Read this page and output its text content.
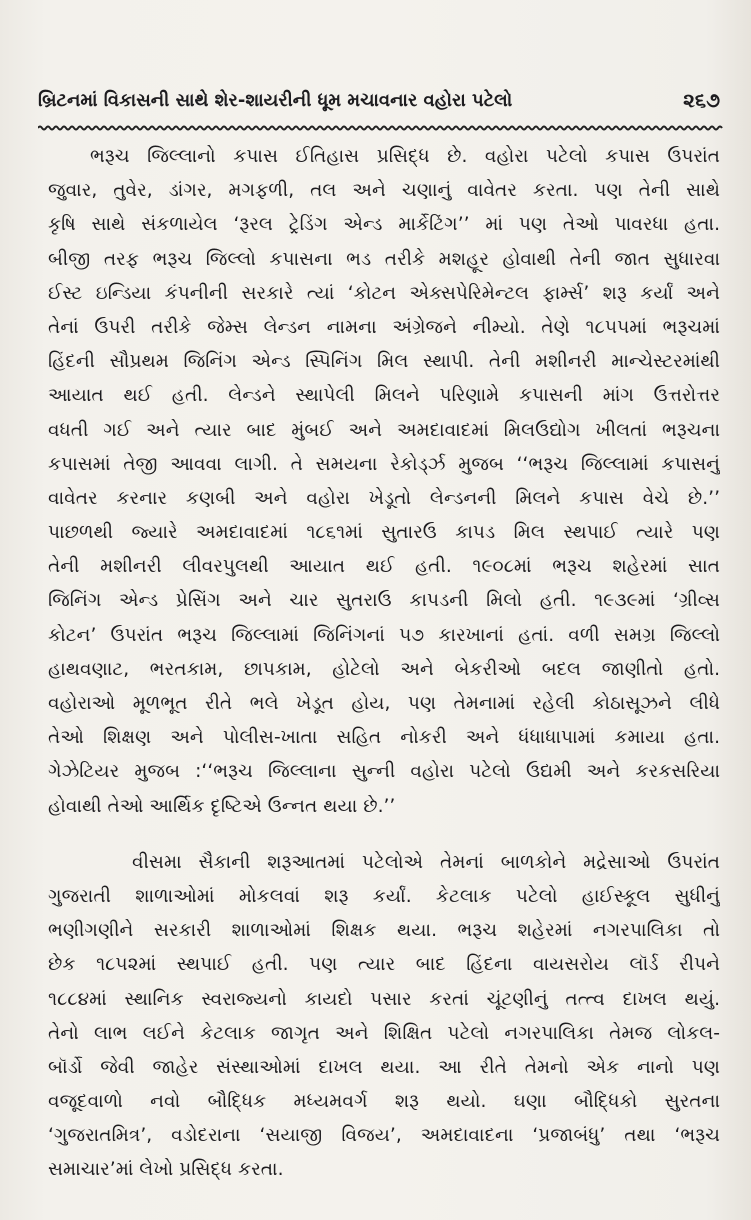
બ્રિટનમાં વિકાસની સાથે શેર-શાયરીની ધૂમ મચાવનાર વહોરા પટેલો	૨૬૭
ભરૂચ જિલ્લાનો કપાસ ઈતિહાસ પ્રસિદ્ધ છે. વહોરા પટેલો કપાસ ઉપરાંત
જુવાર, તુવેર, ડાંગર, મગફળી, તલ અને ચણાનું વાવેતર કરતા. પણ તેની સાથે
કૃષિ સાથે સંકળાયેલ ‘રૂરલ ટ્રેડિંગ એન્ડ માર્કેટિંગ’’ માં પણ તેઓ પાવરધા હતા.
બીજી તરફ ભરૂચ જિલ્લો કપાસના ભડ તરીકે મશહૂર હોવાથી તેની જાત સુધારવા
ઈસ્ટ ઇન્ડિયા કંપનીની સરકારે ત્યાં ‘કોટન એક્સપેરિમેન્ટલ ફાર્મ્સ’ શરૂ કર્યાં અને
તેનાં ઉપરી તરીકે જેમ્સ લેન્ડન નામના અંગ્રેજને નીમ્યો. તેણે ૧૮૫૫માં ભરૂચમાં
હિંદની સૌપ્રથમ જિનિંગ એન્ડ સ્પિનિંગ મિલ સ્થાપી. તેની મશીનરી માન્ચેસ્ટરમાંથી
આયાત થઈ હતી. લેન્ડને સ્થાપેલી મિલને પરિણામે કપાસની માંગ ઉત્તરોત્તર
વધતી ગઈ અને ત્યાર બાદ મુંબઈ અને અમદાવાદમાં મિલઉદ્યોગ ખીલતાં ભરૂચના
કપાસમાં તેજી આવવા લાગી. તે સમયના રેકોર્ડ્ઝ મુજબ ‘‘ભરૂચ જિલ્લામાં કપાસનું
વાવેતર કરનાર કણબી અને વહોરા ખેડૂતો લેન્ડનની મિલને કપાસ વેચે છે.’’
પાછળથી જ્યારે અમદાવાદમાં ૧૮૬૧માં સુતારઉ કાપડ મિલ સ્થપાઈ ત્યારે પણ
તેની મશીનરી લીવરપુલથી આયાત થઈ હતી. ૧૯૦૮માં ભરૂચ શહેરમાં સાત
જિનિંગ એન્ડ પ્રેસિંગ અને ચાર સુતરાઉ કાપડની મિલો હતી. ૧૯૩૯માં ‘ગ્રીવ્સ
કોટન’ ઉપરાંત ભરૂચ જિલ્લામાં જિનિંગનાં ૫૭ કારખાનાં હતાં. વળી સમગ્ર જિલ્લો
હાથવણાટ, ભરતકામ, છાપકામ, હોટેલો અને બેકરીઓ બદલ જાણીતો હતો.
વહોરાઓ મૂળભૂત રીતે ભલે ખેડૂત હોય, પણ તેમનામાં રહેલી કોઠાસૂઝને લીધે
તેઓ શિક્ષણ અને પોલીસ-ખાતા સહિત નોકરી અને ધંધાધાપામાં કમાયા હતા.
ગેઝેટિયર મુજબ :‘‘ભરૂચ જિલ્લાના સુન્ની વહોરા પટેલો ઉદ્યમી અને કરકસરિયા
હોવાથી તેઓ આર્થિક દૃષ્ટિએ ઉન્નત થયા છે.’’
વીસમા સૈકાની શરૂઆતમાં પટેલોએ તેમનાં બાળકોને મદ્રેસાઓ ઉપરાંત
ગુજરાતી શાળાઓમાં મોકલવાં શરૂ કર્યાં. કેટલાક પટેલો હાઈસ્કૂલ સુધીનું
ભણીગણીને સરકારી શાળાઓમાં શિક્ષક થયા. ભરૂચ શહેરમાં નગરપાલિકા તો
છેક ૧૮૫૨માં સ્થપાઈ હતી. પણ ત્યાર બાદ હિંદના વાયસરોય લૉર્ડ રીપને
૧૮૮૪માં સ્થાનિક સ્વરાજ્યનો કાયદો પસાર કરતાં ચૂંટણીનું તત્ત્વ દાખલ થયું.
તેનો લાભ લઈને કેટલાક જાગૃત અને શિક્ષિત પટેલો નગરપાલિકા તેમજ લોકલ-
બૉર્ડો જેવી જાહેર સંસ્થાઓમાં દાખલ થયા. આ રીતે તેમનો એક નાનો પણ
વજૂદવાળો નવો બૌદ્ધિક મધ્યમવર્ગ શરૂ થયો. ઘણા બૌદ્ધિકો સુરતના
‘ગુજરાતમિત્ર’, વડોદરાના ‘સયાજી વિજય’, અમદાવાદના ‘પ્રજાબંધુ’ તથા ‘ભરૂચ
સમાચાર’માં લેખો પ્રસિદ્ધ કરતા.
